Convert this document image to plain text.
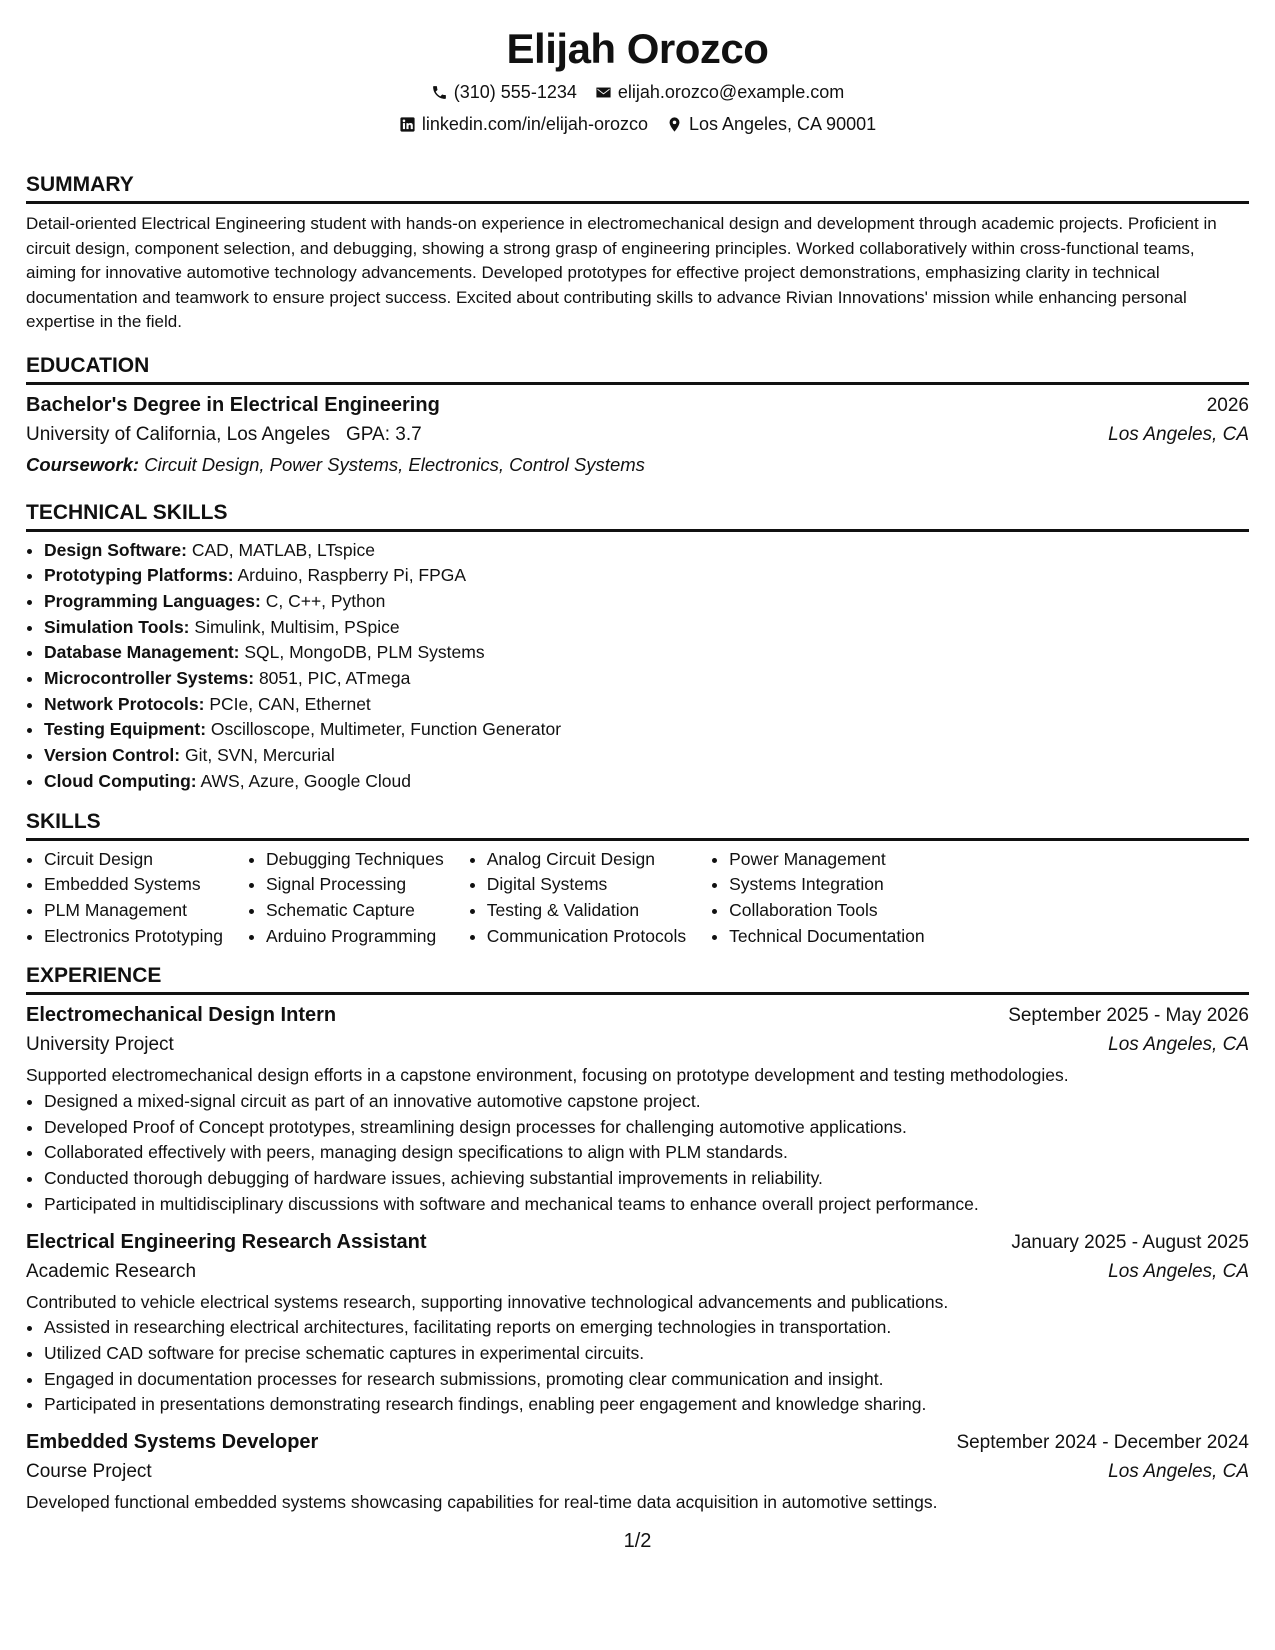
Elijah Orozco
(310) 555-1234 elijah.orozco@example.com
linkedin.com/in/elijah-orozco Los Angeles, CA 90001
SUMMARY
Detail-oriented Electrical Engineering student with hands-on experience in electromechanical design and development through academic projects. Proficient in circuit design, component selection, and debugging, showing a strong grasp of engineering principles. Worked collaboratively within cross-functional teams, aiming for innovative automotive technology advancements. Developed prototypes for effective project demonstrations, emphasizing clarity in technical documentation and teamwork to ensure project success. Excited about contributing skills to advance Rivian Innovations' mission while enhancing personal expertise in the field.
EDUCATION
Bachelor's Degree in Electrical Engineering	2026
University of California, Los Angeles GPA: 3.7	Los Angeles, CA
Coursework: Circuit Design, Power Systems, Electronics, Control Systems
TECHNICAL SKILLS
• Design Software: CAD, MATLAB, LTspice
• Prototyping Platforms: Arduino, Raspberry Pi, FPGA
• Programming Languages: C, C++, Python
• Simulation Tools: Simulink, Multisim, PSpice
• Database Management: SQL, MongoDB, PLM Systems
• Microcontroller Systems: 8051, PIC, ATmega
• Network Protocols: PCIe, CAN, Ethernet
• Testing Equipment: Oscilloscope, Multimeter, Function Generator
• Version Control: Git, SVN, Mercurial
• Cloud Computing: AWS, Azure, Google Cloud
SKILLS
• Circuit Design
• Embedded Systems
• PLM Management
• Electronics Prototyping
• Debugging Techniques
• Signal Processing
• Schematic Capture
• Arduino Programming
• Analog Circuit Design
• Digital Systems
• Testing & Validation
• Communication Protocols
• Power Management
• Systems Integration
• Collaboration Tools
• Technical Documentation
EXPERIENCE
Electromechanical Design Intern	September 2025 - May 2026
University Project	Los Angeles, CA
Supported electromechanical design efforts in a capstone environment, focusing on prototype development and testing methodologies.
• Designed a mixed-signal circuit as part of an innovative automotive capstone project.
• Developed Proof of Concept prototypes, streamlining design processes for challenging automotive applications.
• Collaborated effectively with peers, managing design specifications to align with PLM standards.
• Conducted thorough debugging of hardware issues, achieving substantial improvements in reliability.
• Participated in multidisciplinary discussions with software and mechanical teams to enhance overall project performance.
Electrical Engineering Research Assistant	January 2025 - August 2025
Academic Research	Los Angeles, CA
Contributed to vehicle electrical systems research, supporting innovative technological advancements and publications.
• Assisted in researching electrical architectures, facilitating reports on emerging technologies in transportation.
• Utilized CAD software for precise schematic captures in experimental circuits.
• Engaged in documentation processes for research submissions, promoting clear communication and insight.
• Participated in presentations demonstrating research findings, enabling peer engagement and knowledge sharing.
Embedded Systems Developer	September 2024 - December 2024
Course Project	Los Angeles, CA
Developed functional embedded systems showcasing capabilities for real-time data acquisition in automotive settings.
1/2
